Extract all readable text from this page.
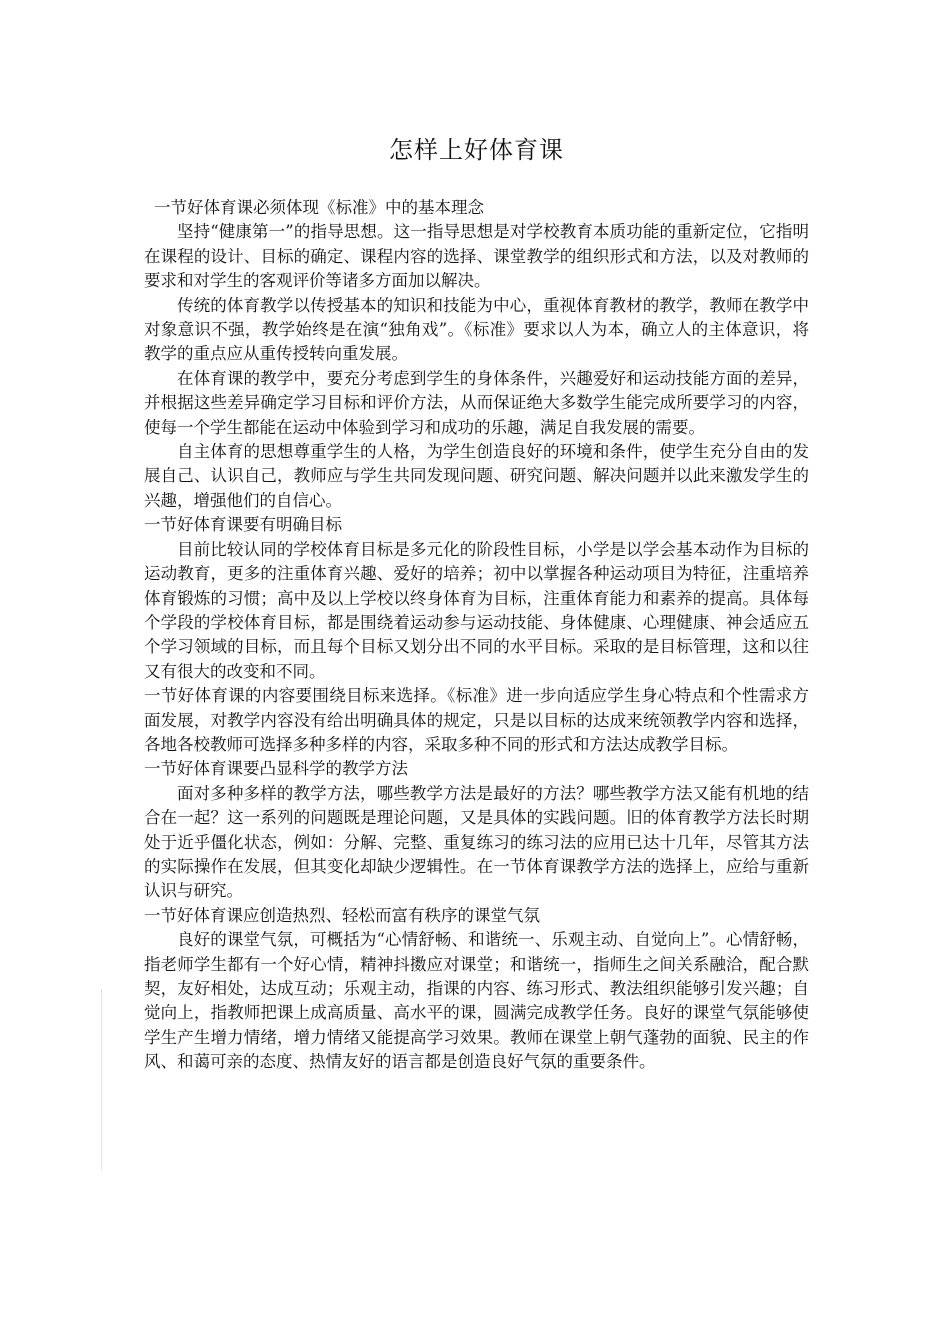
怎样上好体育课

一节好体育课必须体现《标准》中的基本理念

坚持“健康第一”的指导思想。这一指导思想是对学校教育本质功能的重新定位，它指明在课程的设计、目标的确定、课程内容的选择、课堂教学的组织形式和方法，以及对教师的要求和对学生的客观评价等诸多方面加以解决。

传统的体育教学以传授基本的知识和技能为中心，重视体育教材的教学，教师在教学中对象意识不强，教学始终是在演“独角戏”。《标准》要求以人为本，确立人的主体意识，将教学的重点应从重传授转向重发展。

在体育课的教学中，要充分考虑到学生的身体条件，兴趣爱好和运动技能方面的差异，并根据这些差异确定学习目标和评价方法，从而保证绝大多数学生能完成所要学习的内容，使每一个学生都能在运动中体验到学习和成功的乐趣，满足自我发展的需要。

自主体育的思想尊重学生的人格，为学生创造良好的环境和条件，使学生充分自由的发展自己、认识自己，教师应与学生共同发现问题、研究问题、解决问题并以此来激发学生的兴趣，增强他们的自信心。

一节好体育课要有明确目标

目前比较认同的学校体育目标是多元化的阶段性目标，小学是以学会基本动作为目标的运动教育，更多的注重体育兴趣、爱好的培养；初中以掌握各种运动项目为特征，注重培养体育锻炼的习惯；高中及以上学校以终身体育为目标，注重体育能力和素养的提高。具体每个学段的学校体育目标，都是围绕着运动参与运动技能、身体健康、心理健康、神会适应五个学习领域的目标，而且每个目标又划分出不同的水平目标。采取的是目标管理，这和以往又有很大的改变和不同。

一节好体育课的内容要围绕目标来选择。《标准》进一步向适应学生身心特点和个性需求方面发展，对教学内容没有给出明确具体的规定，只是以目标的达成来统领教学内容和选择，各地各校教师可选择多种多样的内容，采取多种不同的形式和方法达成教学目标。

一节好体育课要凸显科学的教学方法

面对多种多样的教学方法，哪些教学方法是最好的方法？哪些教学方法又能有机地的结合在一起？这一系列的问题既是理论问题，又是具体的实践问题。旧的体育教学方法长时期处于近乎僵化状态，例如：分解、完整、重复练习的练习法的应用已达十几年，尽管其方法的实际操作在发展，但其变化却缺少逻辑性。在一节体育课教学方法的选择上，应给与重新认识与研究。

一节好体育课应创造热烈、轻松而富有秩序的课堂气氛

良好的课堂气氛，可概括为“心情舒畅、和谐统一、乐观主动、自觉向上”。心情舒畅，指老师学生都有一个好心情，精神抖擞应对课堂；和谐统一，指师生之间关系融洽，配合默契，友好相处，达成互动；乐观主动，指课的内容、练习形式、教法组织能够引发兴趣；自觉向上，指教师把课上成高质量、高水平的课，圆满完成教学任务。良好的课堂气氛能够使学生产生增力情绪，增力情绪又能提高学习效果。教师在课堂上朝气蓬勃的面貌、民主的作风、和蔼可亲的态度、热情友好的语言都是创造良好气氛的重要条件。
